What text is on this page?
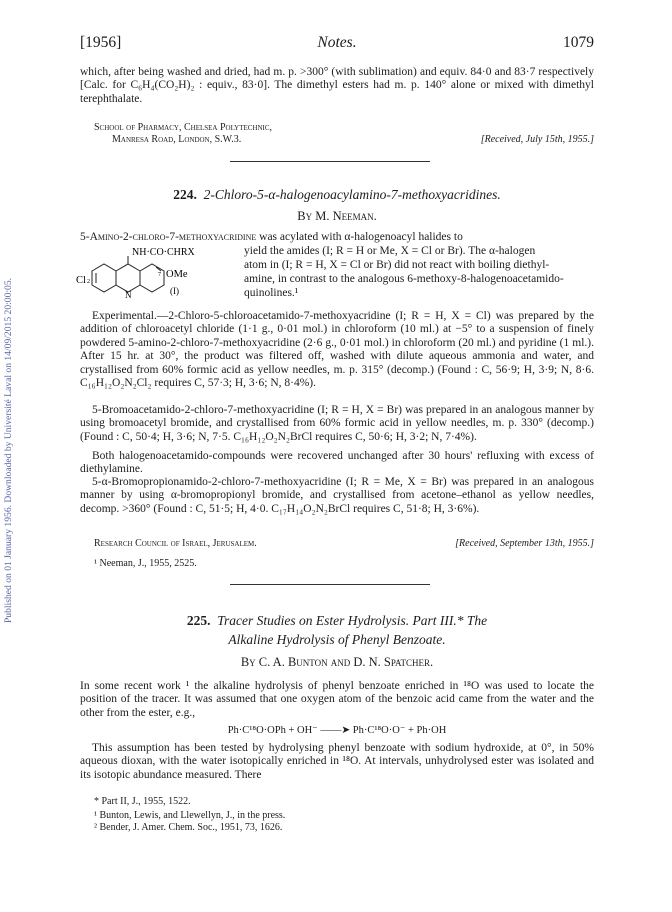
Published on 01 January 1956. Downloaded by Université Laval on 14/09/2015 20:00:05.
[1956]	Notes.	1079
which, after being washed and dried, had m. p. >300° (with sublimation) and equiv. 84·0 and 83·7 respectively [Calc. for C₆H₄(CO₂H)₂ : equiv., 83·0]. The dimethyl esters had m. p. 140° alone or mixed with dimethyl terephthalate.
School of Pharmacy, Chelsea Polytechnic,
Manresa Road, London, S.W.3.	[Received, July 15th, 1955.]
224. 2-Chloro-5-α-halogenoacylamino-7-methoxyacridines.
By M. Neeman.
5-Amino-2-chloro-7-methoxyacridine was acylated with α-halogenoacyl halides to
NH·CO·CHRX
Cl 2
7 OMe
N	(I)
yield the amides (I; R = H or Me, X = Cl or Br). The α-halogen
atom in (I; R = H, X = Cl or Br) did not react with boiling diethyl-
amine, in contrast to the analogous 6-methoxy-8-halogenoacetamido-
quinolines.¹
Experimental.—2-Chloro-5-chloroacetamido-7-methoxyacridine (I; R = H, X = Cl) was prepared by the addition of chloroacetyl chloride (1·1 g., 0·01 mol.) in chloroform (10 ml.) at −5° to a suspension of finely powdered 5-amino-2-chloro-7-methoxyacridine (2·6 g., 0·01 mol.) in chloroform (20 ml.) and pyridine (1 ml.). After 15 hr. at 30°, the product was filtered off, washed with dilute aqueous ammonia and water, and crystallised from 60% formic acid as yellow needles, m. p. 315° (decomp.) (Found : C, 56·9; H, 3·9; N, 8·6. C₁₆H₁₂O₂N₂Cl₂ requires C, 57·3; H, 3·6; N, 8·4%).
5-Bromoacetamido-2-chloro-7-methoxyacridine (I; R = H, X = Br) was prepared in an analogous manner by using bromoacetyl bromide, and crystallised from 60% formic acid in yellow needles, m. p. 330° (decomp.) (Found : C, 50·4; H, 3·6; N, 7·5. C₁₆H₁₂O₂N₂BrCl requires C, 50·6; H, 3·2; N, 7·4%).
Both halogenoacetamido-compounds were recovered unchanged after 30 hours' refluxing with excess of diethylamine.
5-α-Bromopropionamido-2-chloro-7-methoxyacridine (I; R = Me, X = Br) was prepared in an analogous manner by using α-bromopropionyl bromide, and crystallised from acetone–ethanol as yellow needles, decomp. >360° (Found : C, 51·5; H, 4·0. C₁₇H₁₄O₂N₂BrCl requires C, 51·8; H, 3·6%).
Research Council of Israel, Jerusalem.	[Received, September 13th, 1955.]
¹ Neeman, J., 1955, 2525.
225. Tracer Studies on Ester Hydrolysis. Part III.* The
Alkaline Hydrolysis of Phenyl Benzoate.
By C. A. Bunton and D. N. Spatcher.
In some recent work ¹ the alkaline hydrolysis of phenyl benzoate enriched in ¹⁸O was used to locate the position of the tracer. It was assumed that one oxygen atom of the benzoic acid came from the water and the other from the ester, e.g.,
Ph·C¹⁸O·OPh + OH⁻ ——➤ Ph·C¹⁸O·O⁻ + Ph·OH
This assumption has been tested by hydrolysing phenyl benzoate with sodium hydroxide, at 0°, in 50% aqueous dioxan, with the water isotopically enriched in ¹⁸O. At intervals, unhydrolysed ester was isolated and its isotopic abundance measured. There
* Part II, J., 1955, 1522.
¹ Bunton, Lewis, and Llewellyn, J., in the press.
² Bender, J. Amer. Chem. Soc., 1951, 73, 1626.
